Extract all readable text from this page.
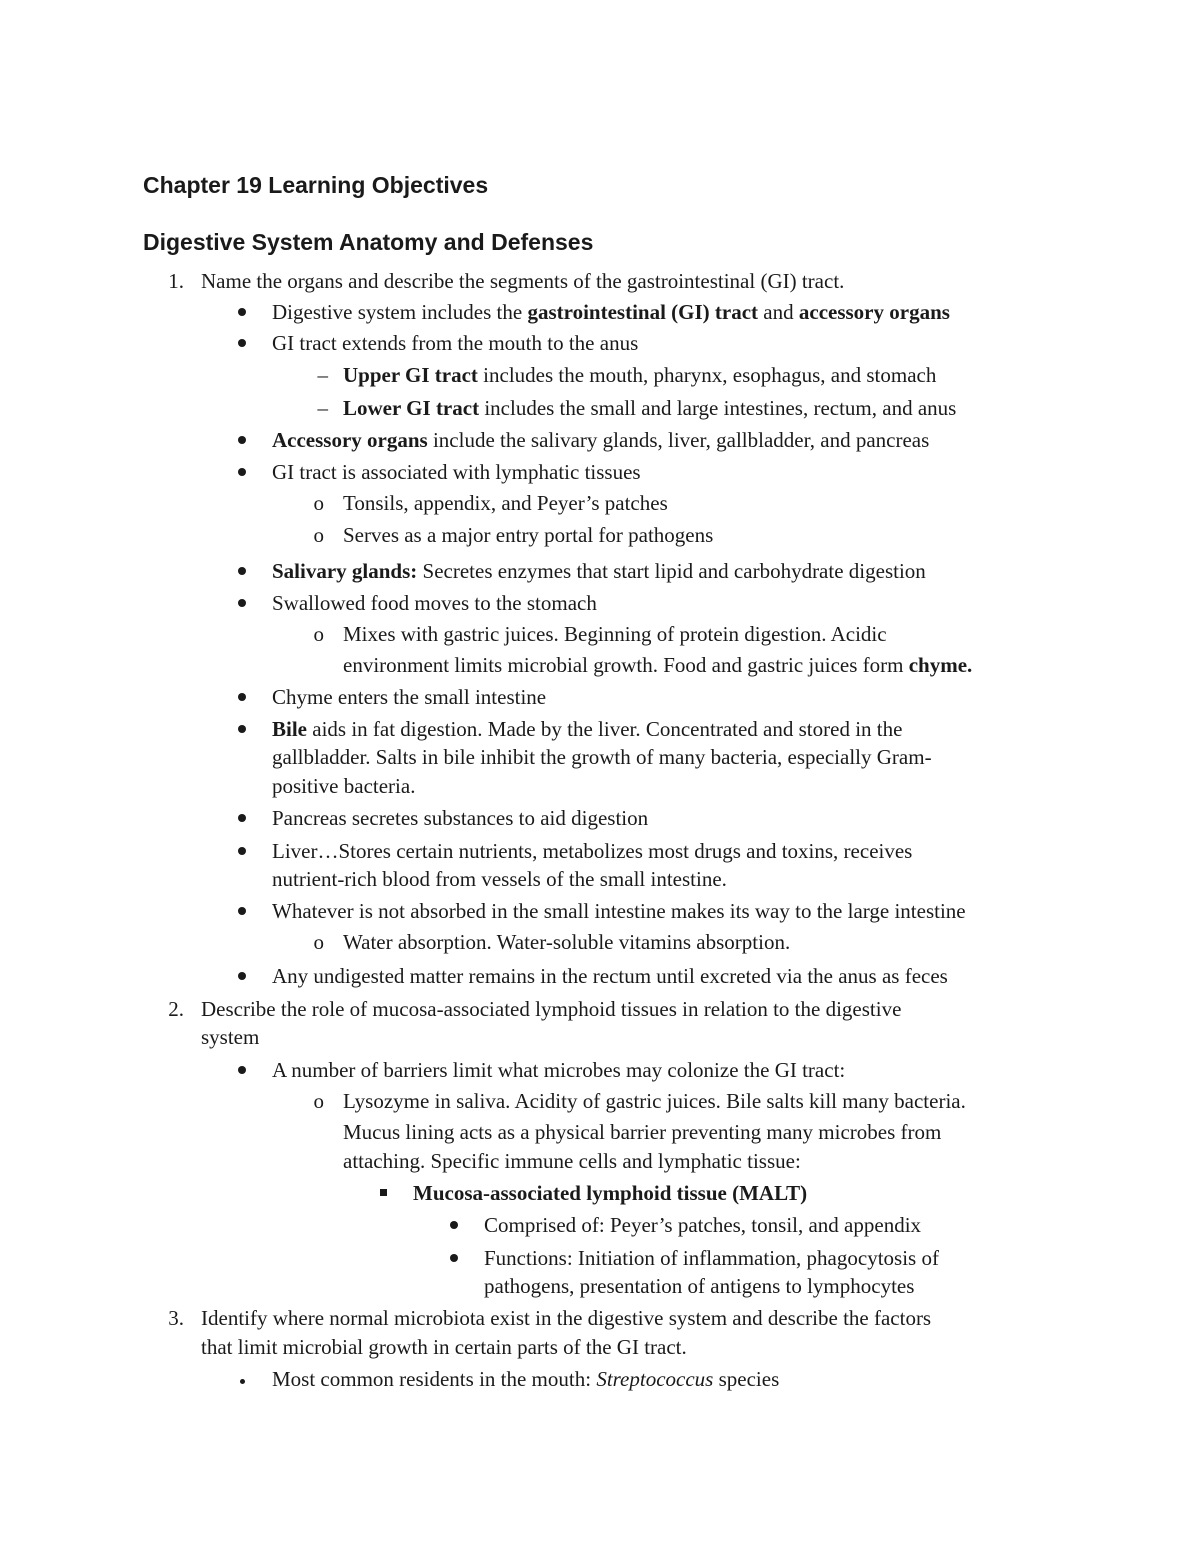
Chapter 19 Learning Objectives
Digestive System Anatomy and Defenses
1. Name the organs and describe the segments of the gastrointestinal (GI) tract.
Digestive system includes the gastrointestinal (GI) tract and accessory organs
GI tract extends from the mouth to the anus
– Upper GI tract includes the mouth, pharynx, esophagus, and stomach
– Lower GI tract includes the small and large intestines, rectum, and anus
Accessory organs include the salivary glands, liver, gallbladder, and pancreas
GI tract is associated with lymphatic tissues
o Tonsils, appendix, and Peyer’s patches
o Serves as a major entry portal for pathogens
Salivary glands: Secretes enzymes that start lipid and carbohydrate digestion
Swallowed food moves to the stomach
o Mixes with gastric juices. Beginning of protein digestion. Acidic
environment limits microbial growth. Food and gastric juices form chyme.
Chyme enters the small intestine
Bile aids in fat digestion. Made by the liver. Concentrated and stored in the
gallbladder. Salts in bile inhibit the growth of many bacteria, especially Gram-
positive bacteria.
Pancreas secretes substances to aid digestion
Liver…Stores certain nutrients, metabolizes most drugs and toxins, receives
nutrient-rich blood from vessels of the small intestine.
Whatever is not absorbed in the small intestine makes its way to the large intestine
o Water absorption. Water-soluble vitamins absorption.
Any undigested matter remains in the rectum until excreted via the anus as feces
2. Describe the role of mucosa-associated lymphoid tissues in relation to the digestive
system
A number of barriers limit what microbes may colonize the GI tract:
o Lysozyme in saliva. Acidity of gastric juices. Bile salts kill many bacteria.
Mucus lining acts as a physical barrier preventing many microbes from
attaching. Specific immune cells and lymphatic tissue:
Mucosa-associated lymphoid tissue (MALT)
Comprised of: Peyer’s patches, tonsil, and appendix
Functions: Initiation of inflammation, phagocytosis of
pathogens, presentation of antigens to lymphocytes
3. Identify where normal microbiota exist in the digestive system and describe the factors
that limit microbial growth in certain parts of the GI tract.
Most common residents in the mouth: Streptococcus species
